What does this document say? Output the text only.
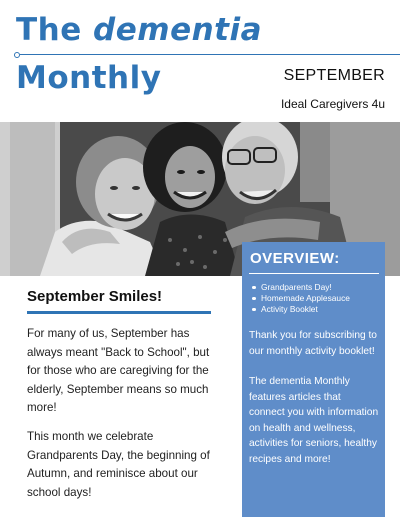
The dementia
Monthly	SEPTEMBER
Ideal Caregivers 4u
September Smiles!

For many of us, September has always meant "Back to School", but for those who are caregiving for the elderly, September means so much more!

This month we celebrate Grandparents Day, the beginning of Autumn, and reminisce about our school days!

OVERVIEW:
Grandparents Day!
Homemade Applesauce
Activity Booklet

Thank you for subscribing to our monthly activity booklet!

The dementia Monthly features articles that connect you with information on health and wellness, activities for seniors, healthy recipes and more!
